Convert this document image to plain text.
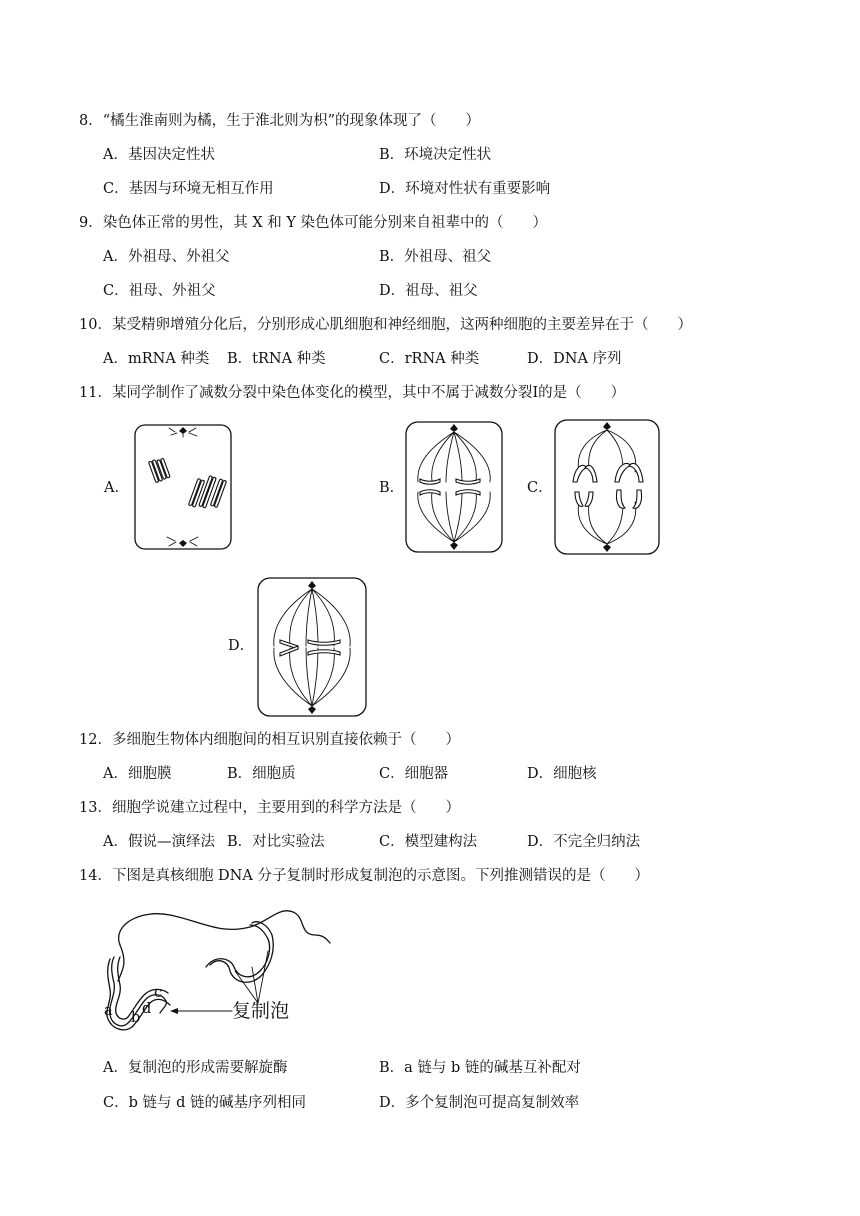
8．“橘生淮南则为橘，生于淮北则为枳”的现象体现了（　　）
A．基因决定性状	B．环境决定性状
C．基因与环境无相互作用	D．环境对性状有重要影响
9．染色体正常的男性，其 X 和 Y 染色体可能分别来自祖辈中的（　　）
A．外祖母、外祖父	B．外祖母、祖父
C．祖母、外祖父	D．祖母、祖父
10．某受精卵增殖分化后，分别形成心肌细胞和神经细胞，这两种细胞的主要差异在于（　　）
A．mRNA 种类 B．tRNA 种类	C．rRNA 种类	D．DNA 序列
11．某同学制作了减数分裂中染色体变化的模型，其中不属于减数分裂Ⅰ的是（　　）
A．	B．	C．
D．
12．多细胞生物体内细胞间的相互识别直接依赖于（　　）
A．细胞膜	B．细胞质	C．细胞器	D．细胞核
13．细胞学说建立过程中，主要用到的科学方法是（　　）
A．假说—演绎法 B．对比实验法	C．模型建构法	D．不完全归纳法
14．下图是真核细胞 DNA 分子复制时形成复制泡的示意图。下列推测错误的是（　　）
a b
d
c
复制泡
A．复制泡的形成需要解旋酶	B．a 链与 b 链的碱基互补配对
C．b 链与 d 链的碱基序列相同	D．多个复制泡可提高复制效率
